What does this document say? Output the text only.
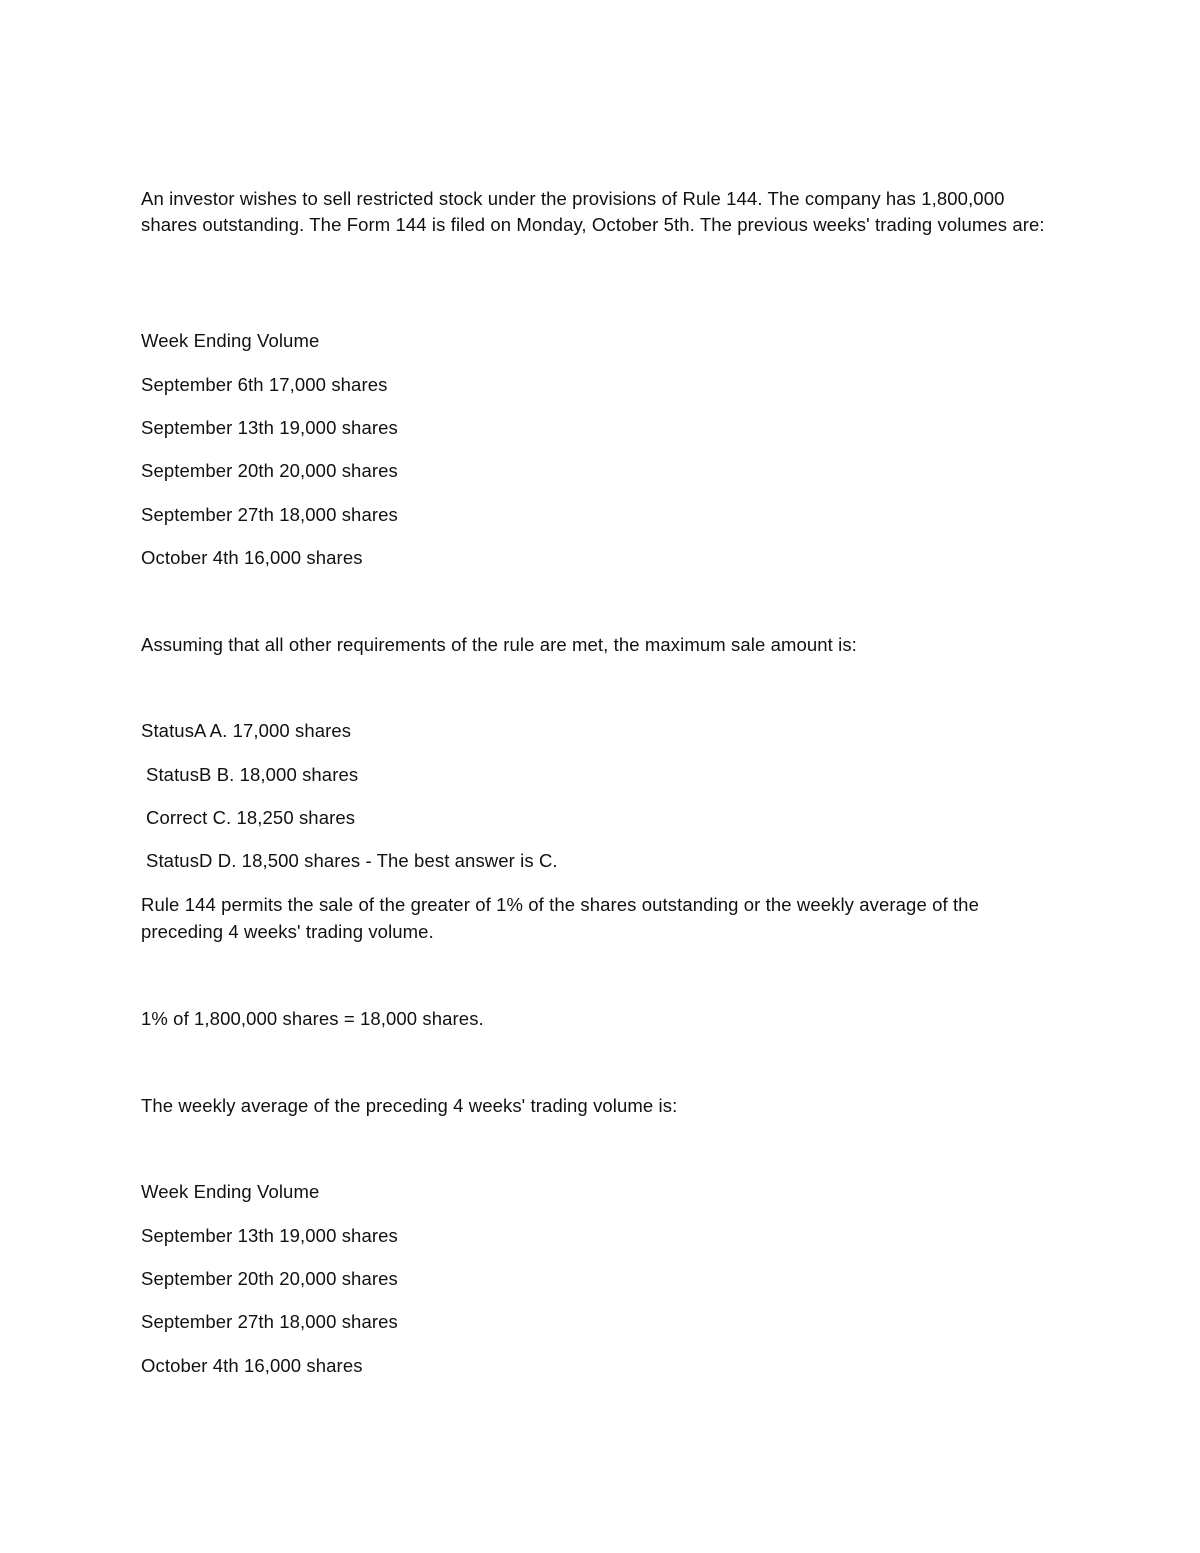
An investor wishes to sell restricted stock under the provisions of Rule 144. The company has 1,800,000 shares outstanding. The Form 144 is filed on Monday, October 5th. The previous weeks' trading volumes are:
Week Ending Volume
September 6th 17,000 shares
September 13th 19,000 shares
September 20th 20,000 shares
September 27th 18,000 shares
October 4th 16,000 shares
Assuming that all other requirements of the rule are met, the maximum sale amount is:
StatusA A. 17,000 shares
StatusB B. 18,000 shares
Correct C. 18,250 shares
StatusD D. 18,500 shares - The best answer is C.
Rule 144 permits the sale of the greater of 1% of the shares outstanding or the weekly average of the preceding 4 weeks' trading volume.
1% of 1,800,000 shares = 18,000 shares.
The weekly average of the preceding 4 weeks' trading volume is:
Week Ending Volume
September 13th 19,000 shares
September 20th 20,000 shares
September 27th 18,000 shares
October 4th 16,000 shares
